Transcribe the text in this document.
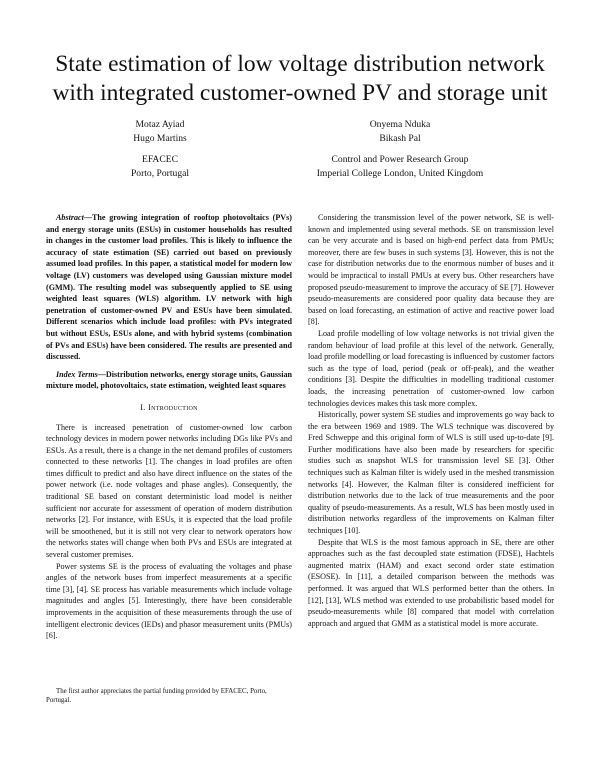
State estimation of low voltage distribution network
with integrated customer-owned PV and storage unit
Motaz Ayiad
Hugo Martins
Onyema Nduka
Bikash Pal
EFACEC
Porto, Portugal
Control and Power Research Group
Imperial College London, United Kingdom

Abstract—The growing integration of rooftop photovoltaics (PVs) and energy storage units (ESUs) in customer households has resulted in changes in the customer load profiles. This is likely to influence the accuracy of state estimation (SE) carried out based on previously assumed load profiles. In this paper, a statistical model for modern low voltage (LV) customers was developed using Gaussian mixture model (GMM). The resulting model was subsequently applied to SE using weighted least squares (WLS) algorithm. LV network with high penetration of customer-owned PV and ESUs have been simulated. Different scenarios which include load profiles: with PVs integrated but without ESUs, ESUs alone, and with hybrid systems (combination of PVs and ESUs) have been considered. The results are presented and discussed.

Index Terms—Distribution networks, energy storage units, Gaussian mixture model, photovoltaics, state estimation, weighted least squares

I. Introduction

There is increased penetration of customer-owned low carbon technology devices in modern power networks including DGs like PVs and ESUs. As a result, there is a change in the net demand profiles of customers connected to these networks [1]. The changes in load profiles are often times difficult to predict and also have direct influence on the states of the power network (i.e. node voltages and phase angles). Consequently, the traditional SE based on constant deterministic load model is neither sufficient nor accurate for assessment of operation of modern distribution networks [2]. For instance, with ESUs, it is expected that the load profile will be smoothened, but it is still not very clear to network operators how the networks states will change when both PVs and ESUs are integrated at several customer premises.

Power systems SE is the process of evaluating the voltages and phase angles of the network buses from imperfect measurements at a specific time [3], [4]. SE process has variable measurements which include voltage magnitudes and angles [5]. Interestingly, there have been considerable improvements in the acquisition of these measurements through the use of intelligent electronic devices (IEDs) and phasor measurement units (PMUs) [6].

The first author appreciates the partial funding provided by EFACEC, Porto, Portugal.

Considering the transmission level of the power network, SE is well-known and implemented using several methods. SE on transmission level can be very accurate and is based on high-end perfect data from PMUs; moreover, there are few buses in such systems [3]. However, this is not the case for distribution networks due to the enormous number of buses and it would be impractical to install PMUs at every bus. Other researchers have proposed pseudo-measurement to improve the accuracy of SE [7]. However pseudo-measurements are considered poor quality data because they are based on load forecasting, an estimation of active and reactive power load [8].

Load profile modelling of low voltage networks is not trivial given the random behaviour of load profile at this level of the network. Generally, load profile modelling or load forecasting is influenced by customer factors such as the type of load, period (peak or off-peak), and the weather conditions [3]. Despite the difficulties in modelling traditional customer loads, the increasing penetration of customer-owned low carbon technologies devices makes this task more complex.

Historically, power system SE studies and improvements go way back to the era between 1969 and 1989. The WLS technique was discovered by Fred Schweppe and this original form of WLS is still used up-to-date [9]. Further modifications have also been made by researchers for specific studies such as snapshot WLS for transmission level SE [3]. Other techniques such as Kalman filter is widely used in the meshed transmission networks [4]. However, the Kalman filter is considered inefficient for distribution networks due to the lack of true measurements and the poor quality of pseudo-measurements. As a result, WLS has been mostly used in distribution networks regardless of the improvements on Kalman filter techniques [10].

Despite that WLS is the most famous approach in SE, there are other approaches such as the fast decoupled state estimation (FDSE), Hachtels augmented matrix (HAM) and exact second order state estimation (ESOSE). In [11], a detailed comparison between the methods was performed. It was argued that WLS performed better than the others. In [12], [13], WLS method was extended to use probabilistic based model for pseudo-measurements while [8] compared that model with correlation approach and argued that GMM as a statistical model is more accurate.
